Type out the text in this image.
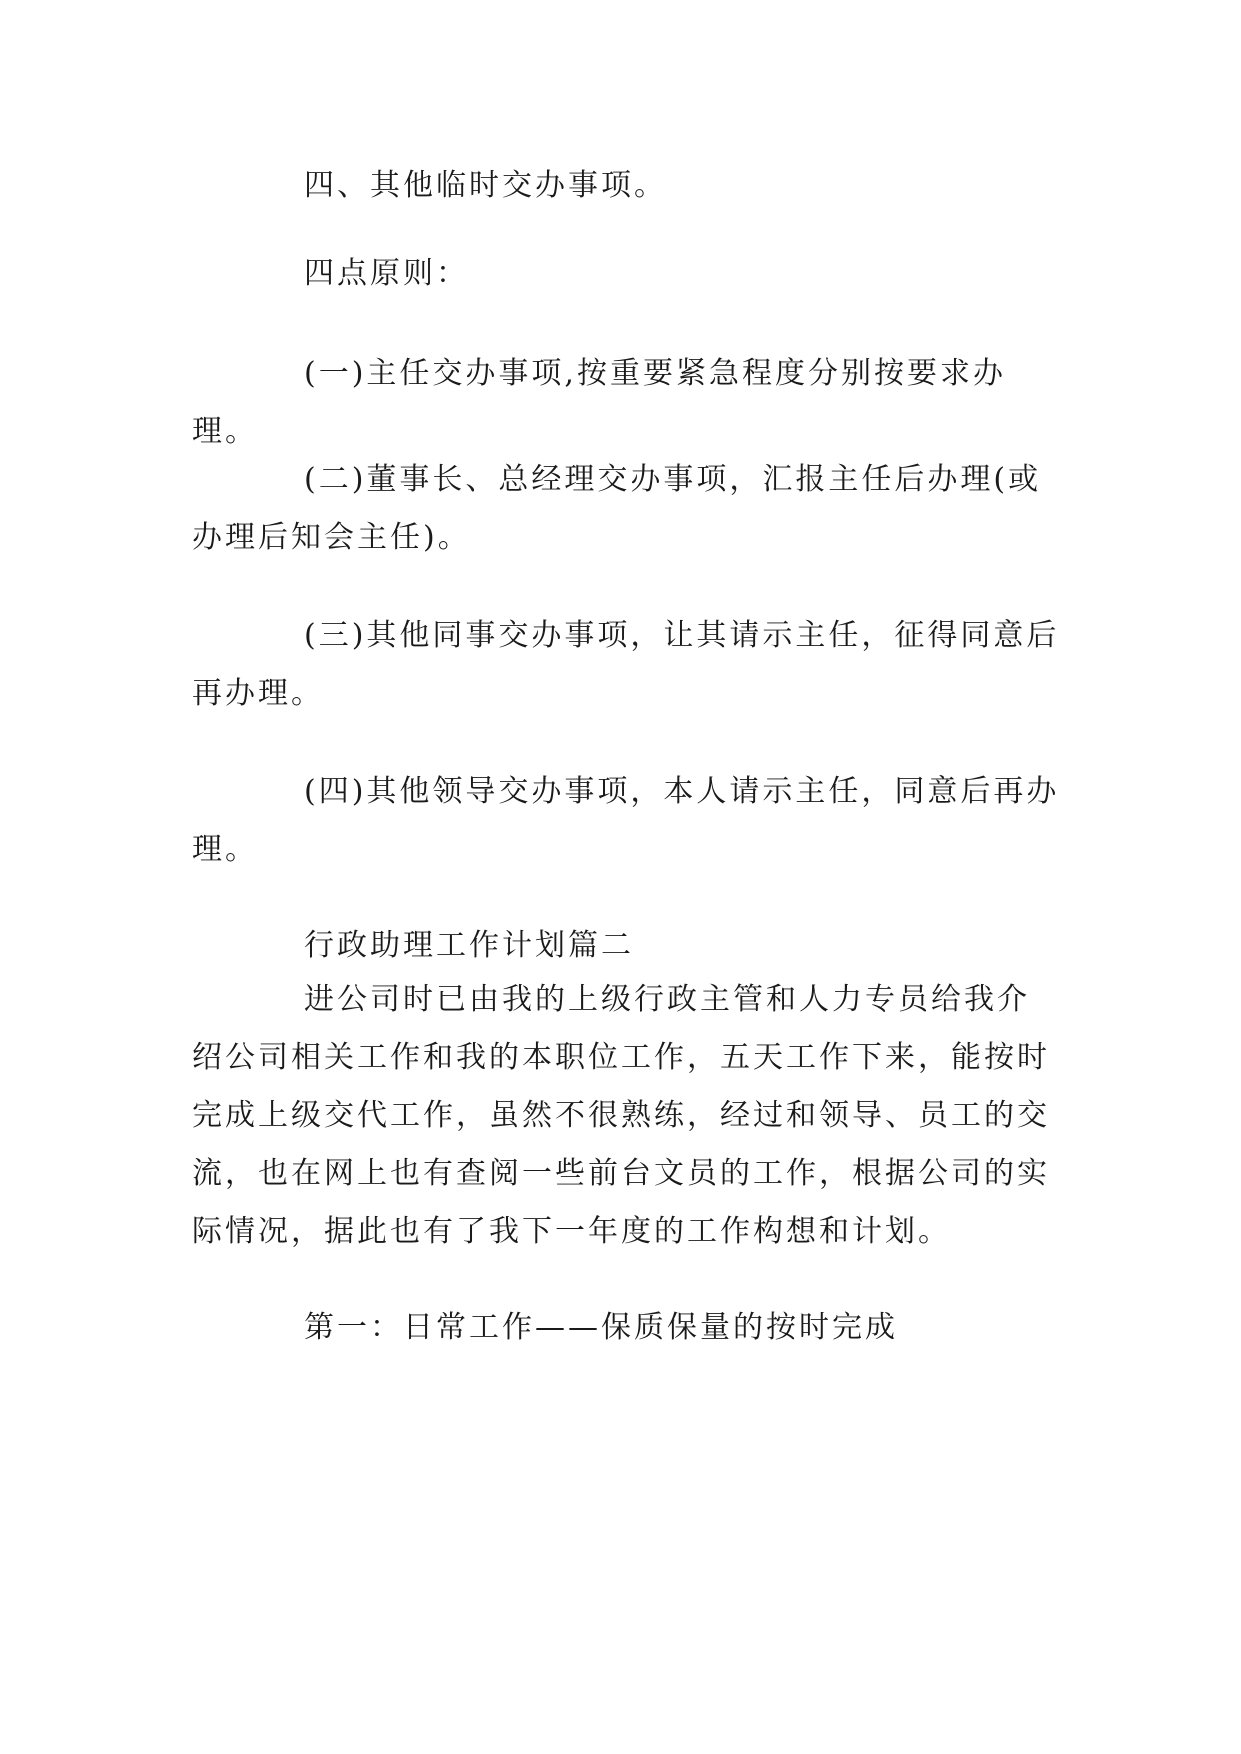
四、其他临时交办事项。
四点原则：
(一)主任交办事项,按重要紧急程度分别按要求办理。
(二)董事长、总经理交办事项，汇报主任后办理(或办理后知会主任)。
(三)其他同事交办事项，让其请示主任，征得同意后再办理。
(四)其他领导交办事项，本人请示主任，同意后再办理。
行政助理工作计划篇二
进公司时已由我的上级行政主管和人力专员给我介绍公司相关工作和我的本职位工作，五天工作下来，能按时完成上级交代工作，虽然不很熟练，经过和领导、员工的交流，也在网上也有查阅一些前台文员的工作，根据公司的实际情况，据此也有了我下一年度的工作构想和计划。
第一：日常工作——保质保量的按时完成
